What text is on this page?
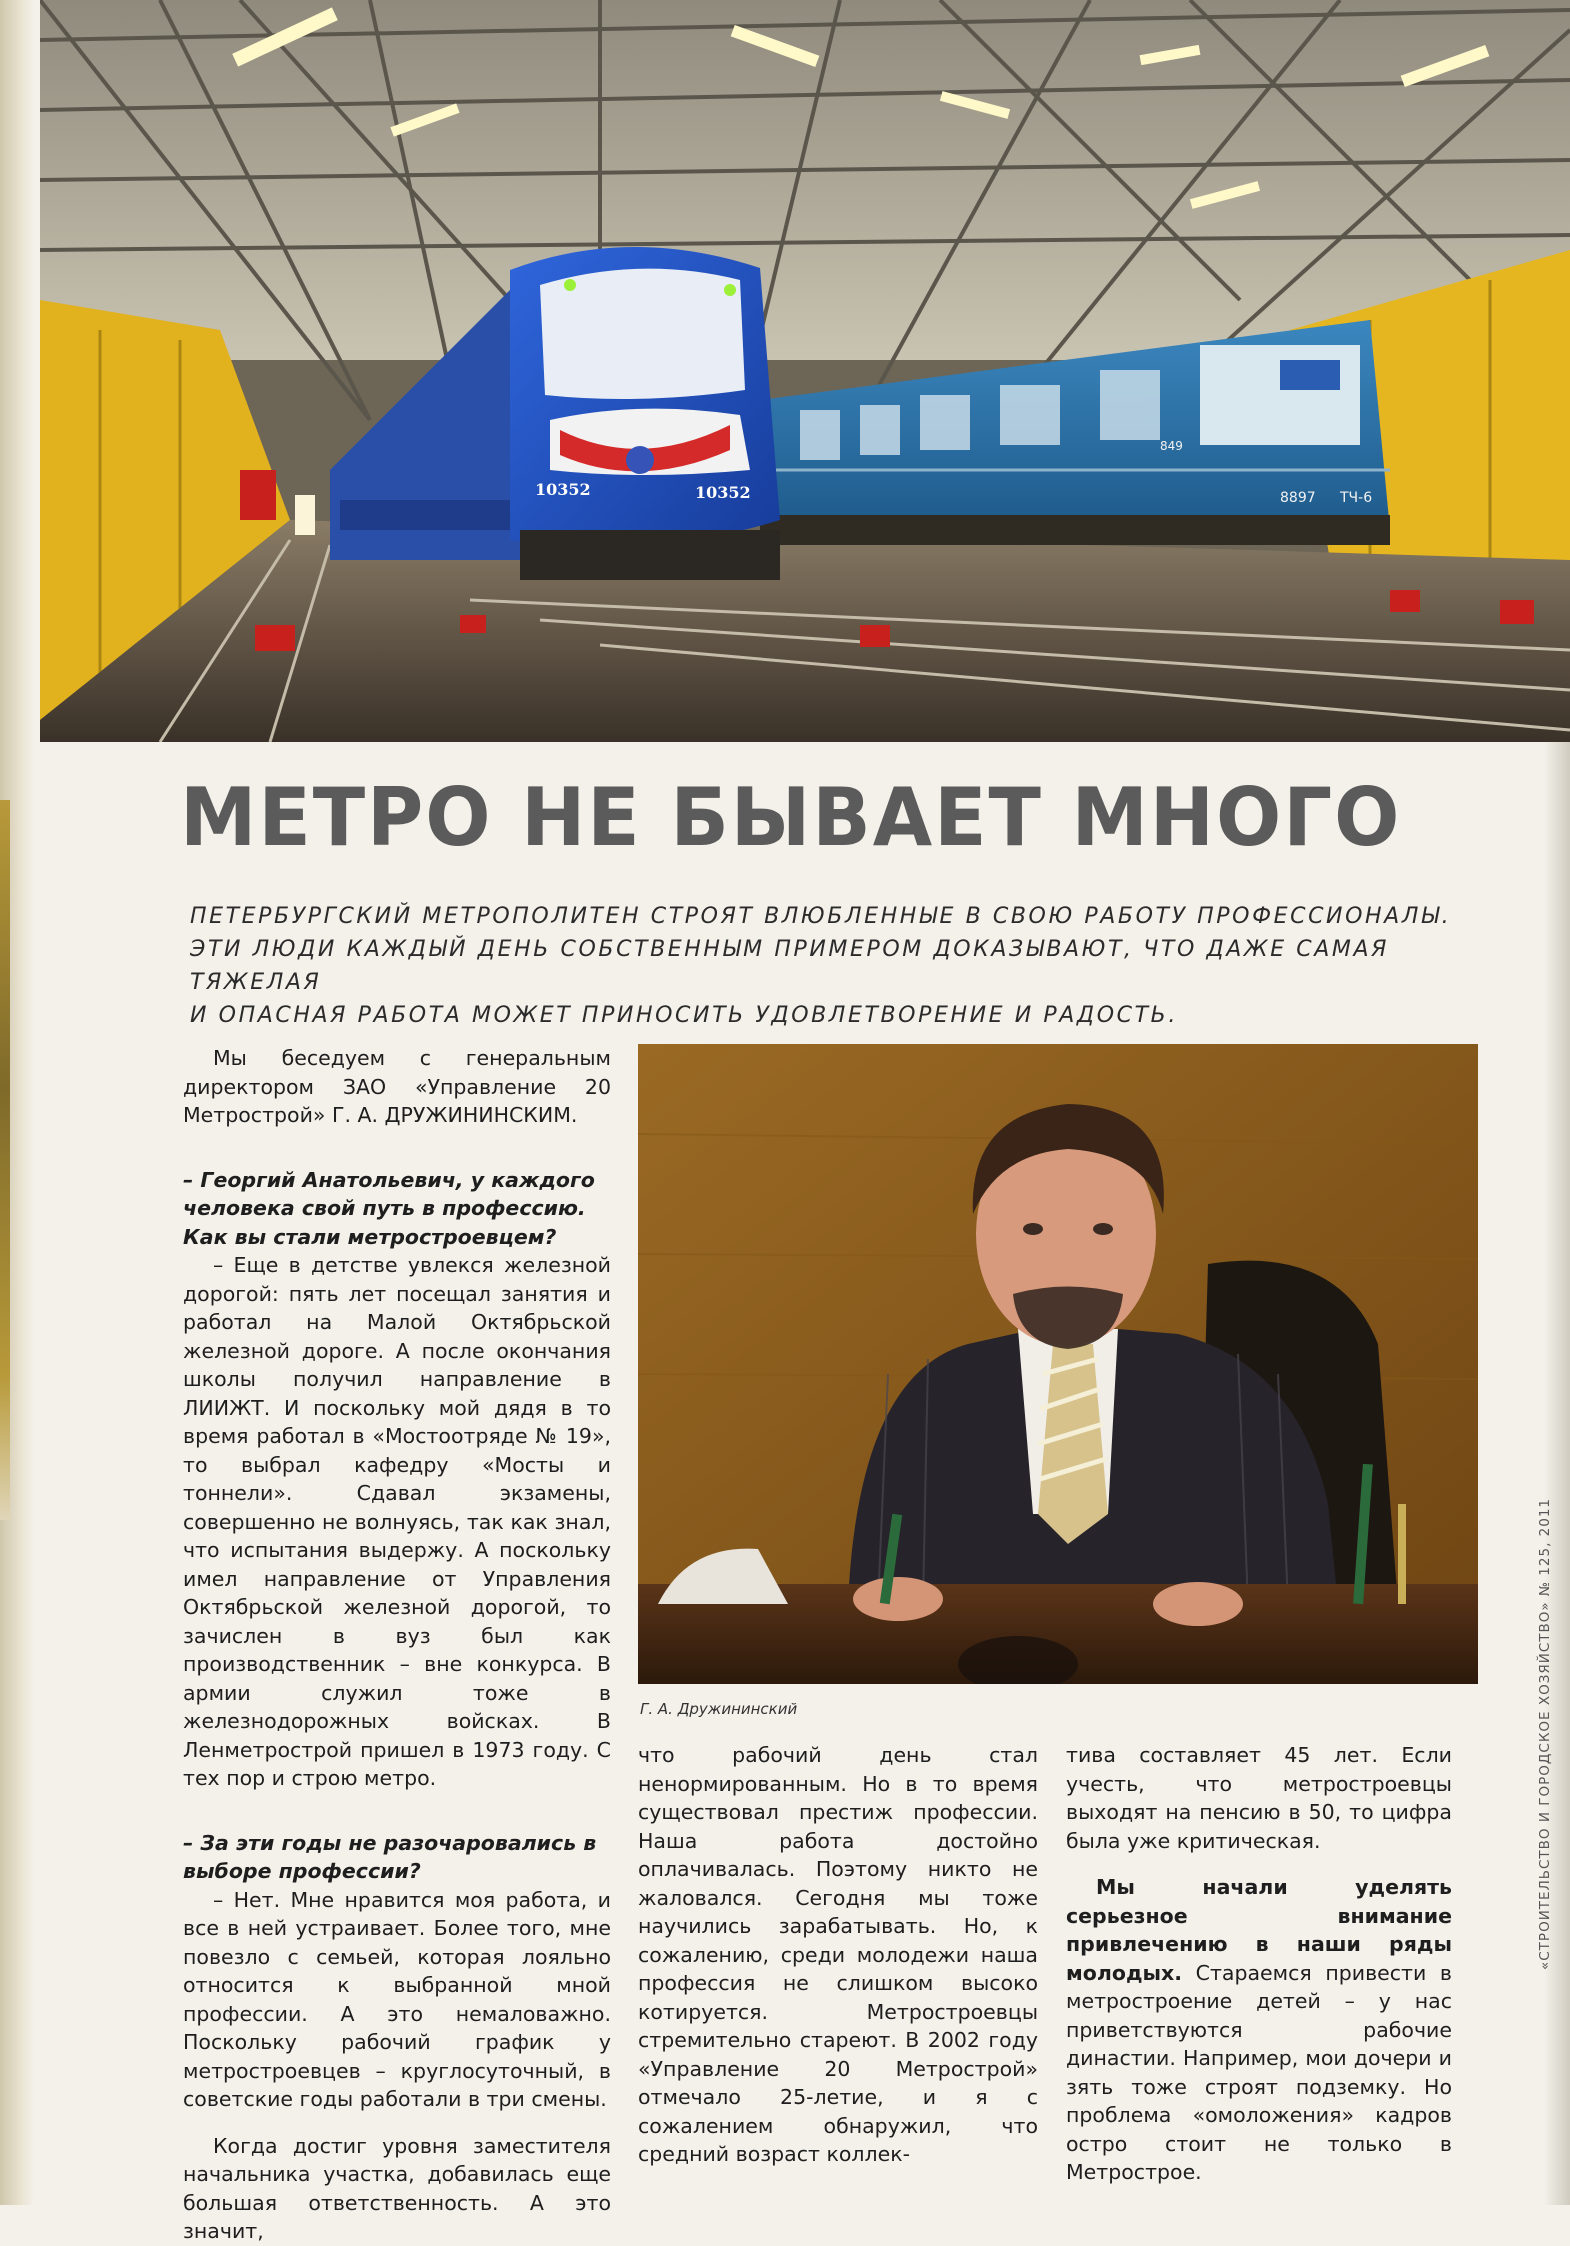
8897 ТЧ-6
849
10352	10352
МЕТРО НЕ БЫВАЕТ МНОГО
ПЕТЕРБУРГСКИЙ МЕТРОПОЛИТЕН СТРОЯТ ВЛЮБЛЕННЫЕ В СВОЮ РАБОТУ ПРОФЕССИОНАЛЫ.
ЭТИ ЛЮДИ КАЖДЫЙ ДЕНЬ СОБСТВЕННЫМ ПРИМЕРОМ ДОКАЗЫВАЮТ, ЧТО ДАЖЕ САМАЯ ТЯЖЕЛАЯ
И ОПАСНАЯ РАБОТА МОЖЕТ ПРИНОСИТЬ УДОВЛЕТВОРЕНИЕ И РАДОСТЬ.

Мы беседуем с генеральным директором ЗАО «Управление 20 Метрострой» Г. А. ДРУЖИНИНСКИМ.

– Георгий Анатольевич, у каждого человека свой путь в профессию. Как вы стали метростроевцем?

– Еще в детстве увлекся железной дорогой: пять лет посещал занятия и работал на Малой Октябрьской железной дороге. А после окончания школы получил направление в ЛИИЖТ. И поскольку мой дядя в то время работал в «Мостоотряде № 19», то выбрал кафедру «Мосты и тоннели». Сдавал экзамены, совершенно не волнуясь, так как знал, что испытания выдержу. А поскольку имел направление от Управления Октябрьской железной дорогой, то зачислен в вуз был как производственник – вне конкурса. В армии служил тоже в железнодорожных войсках. В Ленметрострой пришел в 1973 году. С тех пор и строю метро.

– За эти годы не разочаровались в выборе профессии?

– Нет. Мне нравится моя работа, и все в ней устраивает. Более того, мне повезло с семьей, которая лояльно относится к выбранной мной профессии. А это немаловажно. Поскольку рабочий график у метростроевцев – круглосуточный, в советские годы работали в три смены.

Когда достиг уровня заместителя начальника участка, добавилась еще большая ответственность. А это значит,

Г. А. Дружининский

что рабочий день стал ненормированным. Но в то время существовал престиж профессии. Наша работа достойно оплачивалась. Поэтому никто не жаловался. Сегодня мы тоже научились зарабатывать. Но, к сожалению, среди молодежи наша профессия не слишком высоко котируется. Метростроевцы стремительно стареют. В 2002 году «Управление 20 Метрострой» отмечало 25-летие, и я с сожалением обнаружил, что средний возраст коллек-

тива составляет 45 лет. Если учесть, что метростроевцы выходят на пенсию в 50, то цифра была уже критическая.

Мы начали уделять серьезное внимание привлечению в наши ряды молодых. Стараемся привести в метростроение детей – у нас приветствуются рабочие династии. Например, мои дочери и зять тоже строят подземку. Но проблема «омоложения» кадров остро стоит не только в Метрострое.

«СТРОИТЕЛЬСТВО И ГОРОДСКОЕ ХОЗЯЙСТВО» № 125, 2011
